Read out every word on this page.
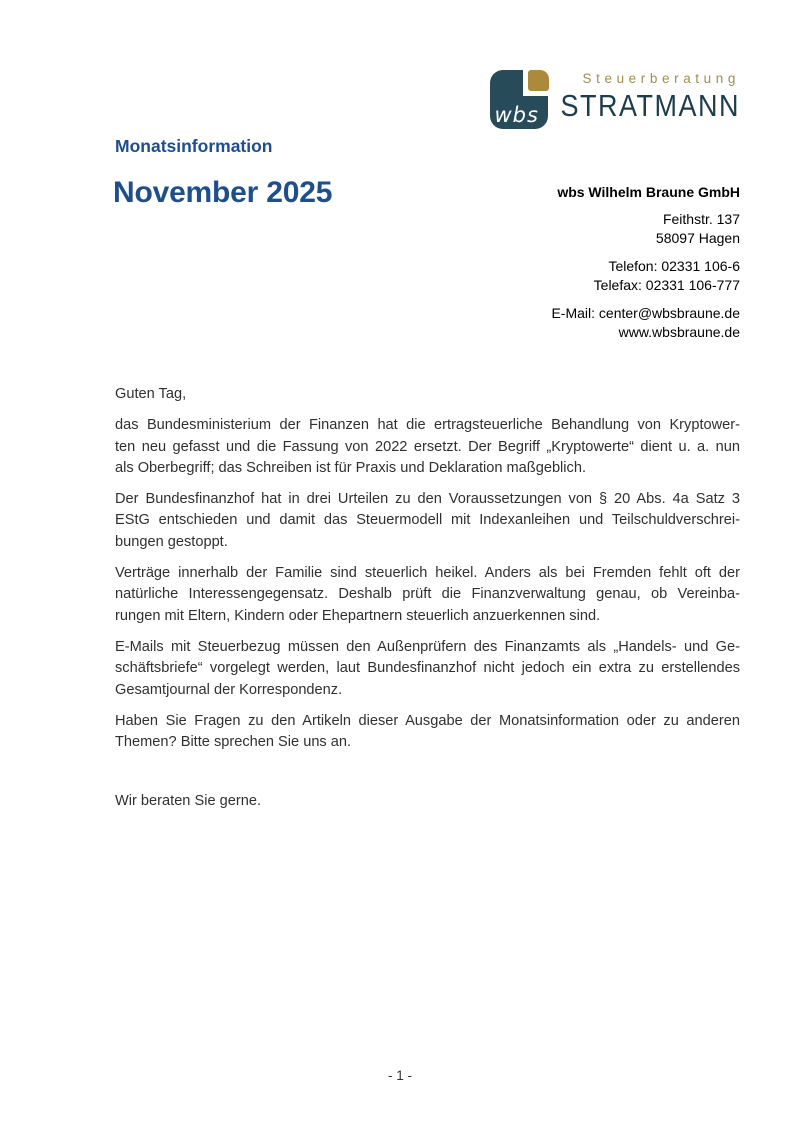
wbs
Steuerberatung
STRATMANN
Monatsinformation
November 2025	wbs Wilhelm Braune GmbH
Feithstr. 137
58097 Hagen
Telefon: 02331 106-6
Telefax: 02331 106-777
E-Mail: center@wbsbraune.de
www.wbsbraune.de

Guten Tag,

das Bundesministerium der Finanzen hat die ertragsteuerliche Behandlung von Kryptower-
ten neu gefasst und die Fassung von 2022 ersetzt. Der Begriff „Kryptowerte“ dient u. a. nun
als Oberbegriff; das Schreiben ist für Praxis und Deklaration maßgeblich.

Der Bundesfinanzhof hat in drei Urteilen zu den Voraussetzungen von § 20 Abs. 4a Satz 3
EStG entschieden und damit das Steuermodell mit Indexanleihen und Teilschuldverschrei-
bungen gestoppt.

Verträge innerhalb der Familie sind steuerlich heikel. Anders als bei Fremden fehlt oft der
natürliche Interessengegensatz. Deshalb prüft die Finanzverwaltung genau, ob Vereinba-
rungen mit Eltern, Kindern oder Ehepartnern steuerlich anzuerkennen sind.

E-Mails mit Steuerbezug müssen den Außenprüfern des Finanzamts als „Handels- und Ge-
schäftsbriefe“ vorgelegt werden, laut Bundesfinanzhof nicht jedoch ein extra zu erstellendes
Gesamtjournal der Korrespondenz.

Haben Sie Fragen zu den Artikeln dieser Ausgabe der Monatsinformation oder zu anderen
Themen? Bitte sprechen Sie uns an.

Wir beraten Sie gerne.

- 1 -
